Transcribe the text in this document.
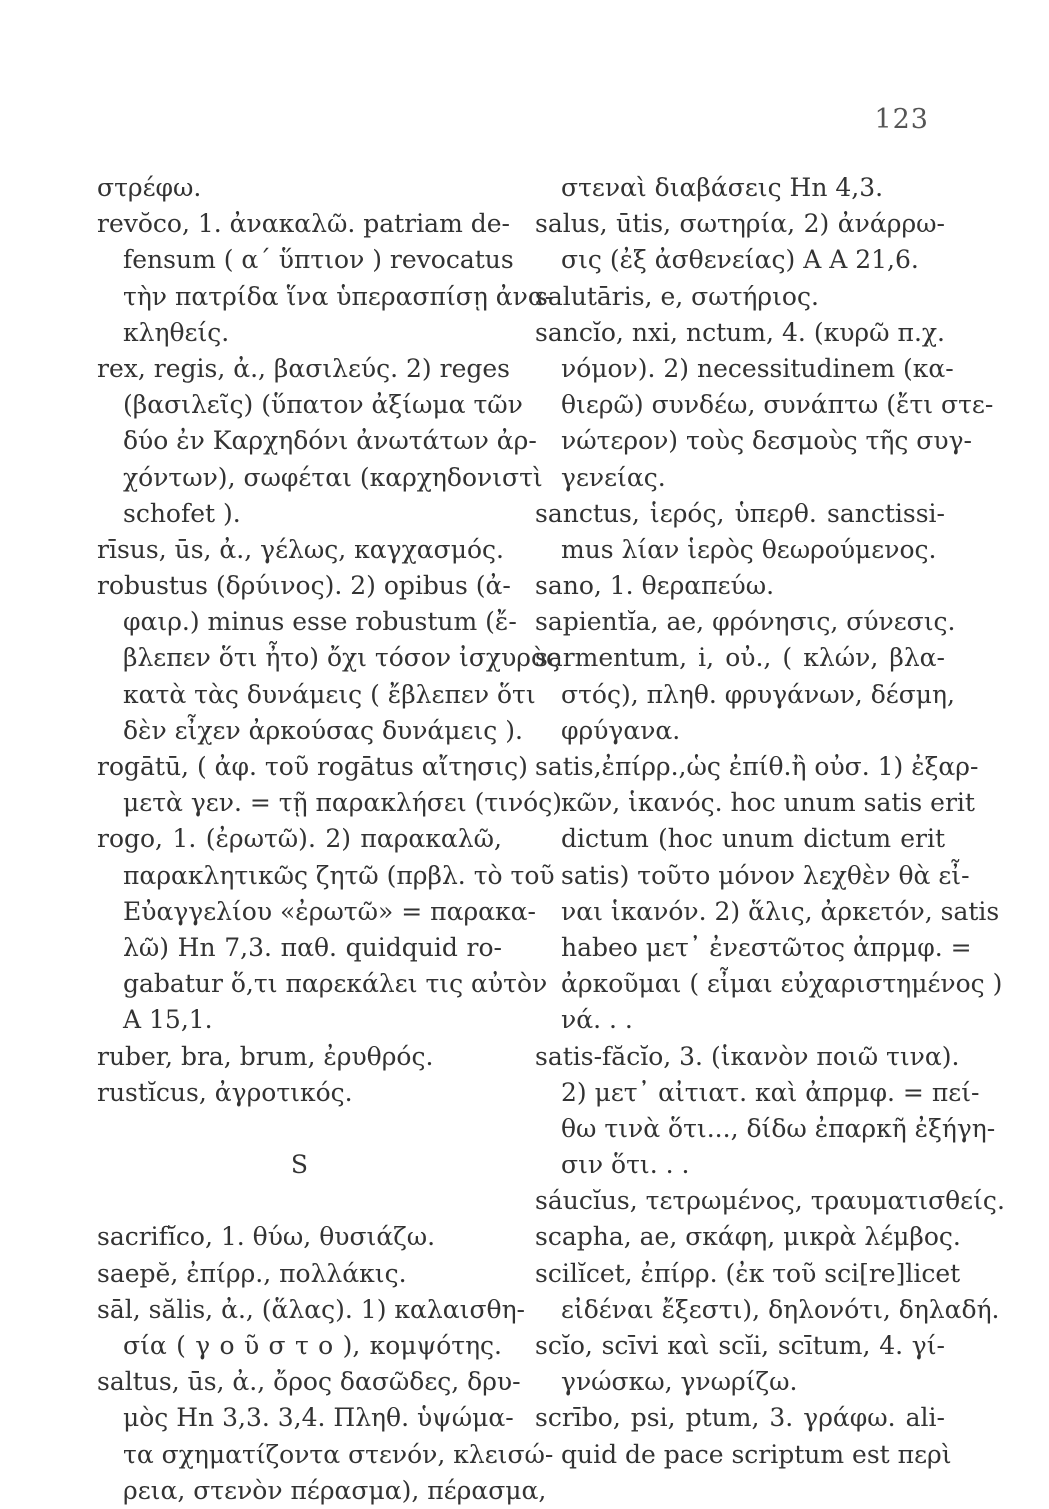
123
στρέφω.
revŏco, 1. ἀνακαλῶ. patriam de-
fensum ( α΄ ὕπτιον ) revocatus
τὴν πατρίδα ἵνα ὑπερασπίσῃ ἀνα-
κληθείς.
rex, regis, ἀ., βασιλεύς. 2) reges
(βασιλεῖς) (ὕπατον ἀξίωμα τῶν
δύο ἐν Καρχηδόνι ἀνωτάτων ἀρ-
χόντων), σωφέται (καρχηδονιστὶ
schofet ).
rīsus, ūs, ἀ., γέλως, καγχασμός.
robustus (δρύινος). 2) opibus (ἀ-
φαιρ.) minus esse robustum (ἔ-
βλεπεν ὅτι ἦτο) ὄχι τόσον ἰσχυρὸς
κατὰ τὰς δυνάμεις ( ἔβλεπεν ὅτι
δὲν εἶχεν ἀρκούσας δυνάμεις ).
rogātū, ( ἀφ. τοῦ rogātus αἴτησις)
μετὰ γεν. = τῇ παρακλήσει (τινός)
rogo, 1. (ἐρωτῶ). 2) παρακαλῶ,
παρακλητικῶς ζητῶ (πρβλ. τὸ τοῦ
Εὐαγγελίου «ἐρωτῶ» = παρακα-
λῶ) Hn 7,3. παθ. quidquid ro-
gabatur ὅ,τι παρεκάλει τις αὐτὸν
A 15,1.
ruber, bra, brum, ἐρυθρός.
rustĭcus, ἀγροτικός.
S
sacrifĭco, 1. θύω, θυσιάζω.
saepĕ, ἐπίρρ., πολλάκις.
sāl, sălis, ἀ., (ἅλας). 1) καλαισθη-
σία ( γ ο ῦ σ τ ο ), κομψότης.
saltus, ūs, ἀ., ὄρος δασῶδες, δρυ-
μὸς Hn 3,3. 3,4. Πληθ. ὑψώμα-
τα σχηματίζοντα στενόν, κλεισώ-
ρεια, στενὸν πέρασμα), πέρασμα,
στεναὶ διαβάσεις Hn 4,3.
salus, ūtis, σωτηρία, 2) ἀνάρρω-
σις (ἐξ ἀσθενείας) A A 21,6.
salutāris, e, σωτήριος.
sancĭo, nxi, nctum, 4. (κυρῶ π.χ.
νόμον). 2) necessitudinem (κα-
θιερῶ) συνδέω, συνάπτω (ἔτι στε-
νώτερον) τοὺς δεσμοὺς τῆς συγ-
γενείας.
sanctus, ἱερός, ὑπερθ. sanctissi-
mus λίαν ἱερὸς θεωρούμενος.
sano, 1. θεραπεύω.
sapientĭa, ae, φρόνησις, σύνεσις.
sarmentum, i, οὐ., ( κλών, βλα-
στός), πληθ. φρυγάνων, δέσμη,
φρύγανα.
satis,ἐπίρρ.,ὡς ἐπίθ.ἢ οὐσ. 1) ἐξαρ-
κῶν, ἱκανός. hoc unum satis erit
dictum (hoc unum dictum erit
satis) τοῦτο μόνον λεχθὲν θὰ εἶ-
ναι ἱκανόν. 2) ἅλις, ἀρκετόν, satis
habeo μετ᾽ ἐνεστῶτος ἀπρμφ. =
ἀρκοῦμαι ( εἶμαι εὐχαριστημένος )
νά. . .
satis-făcĭo, 3. (ἱκανὸν ποιῶ τινα).
2) μετ᾽ αἰτιατ. καὶ ἀπρμφ. = πεί-
θω τινὰ ὅτι..., δίδω ἐπαρκῆ ἐξήγη-
σιν ὅτι. . .
sáucĭus, τετρωμένος, τραυματισθείς.
scapha, ae, σκάφη, μικρὰ λέμβος.
scilĭcet, ἐπίρρ. (ἐκ τοῦ sci[re]licet
εἰδέναι ἔξεστι), δηλονότι, δηλαδή.
scĭo, scīvi καὶ scĭi, scītum, 4. γί-
γνώσκω, γνωρίζω.
scrībo, psi, ptum, 3. γράφω. ali-
quid de pace scriptum est περὶ
